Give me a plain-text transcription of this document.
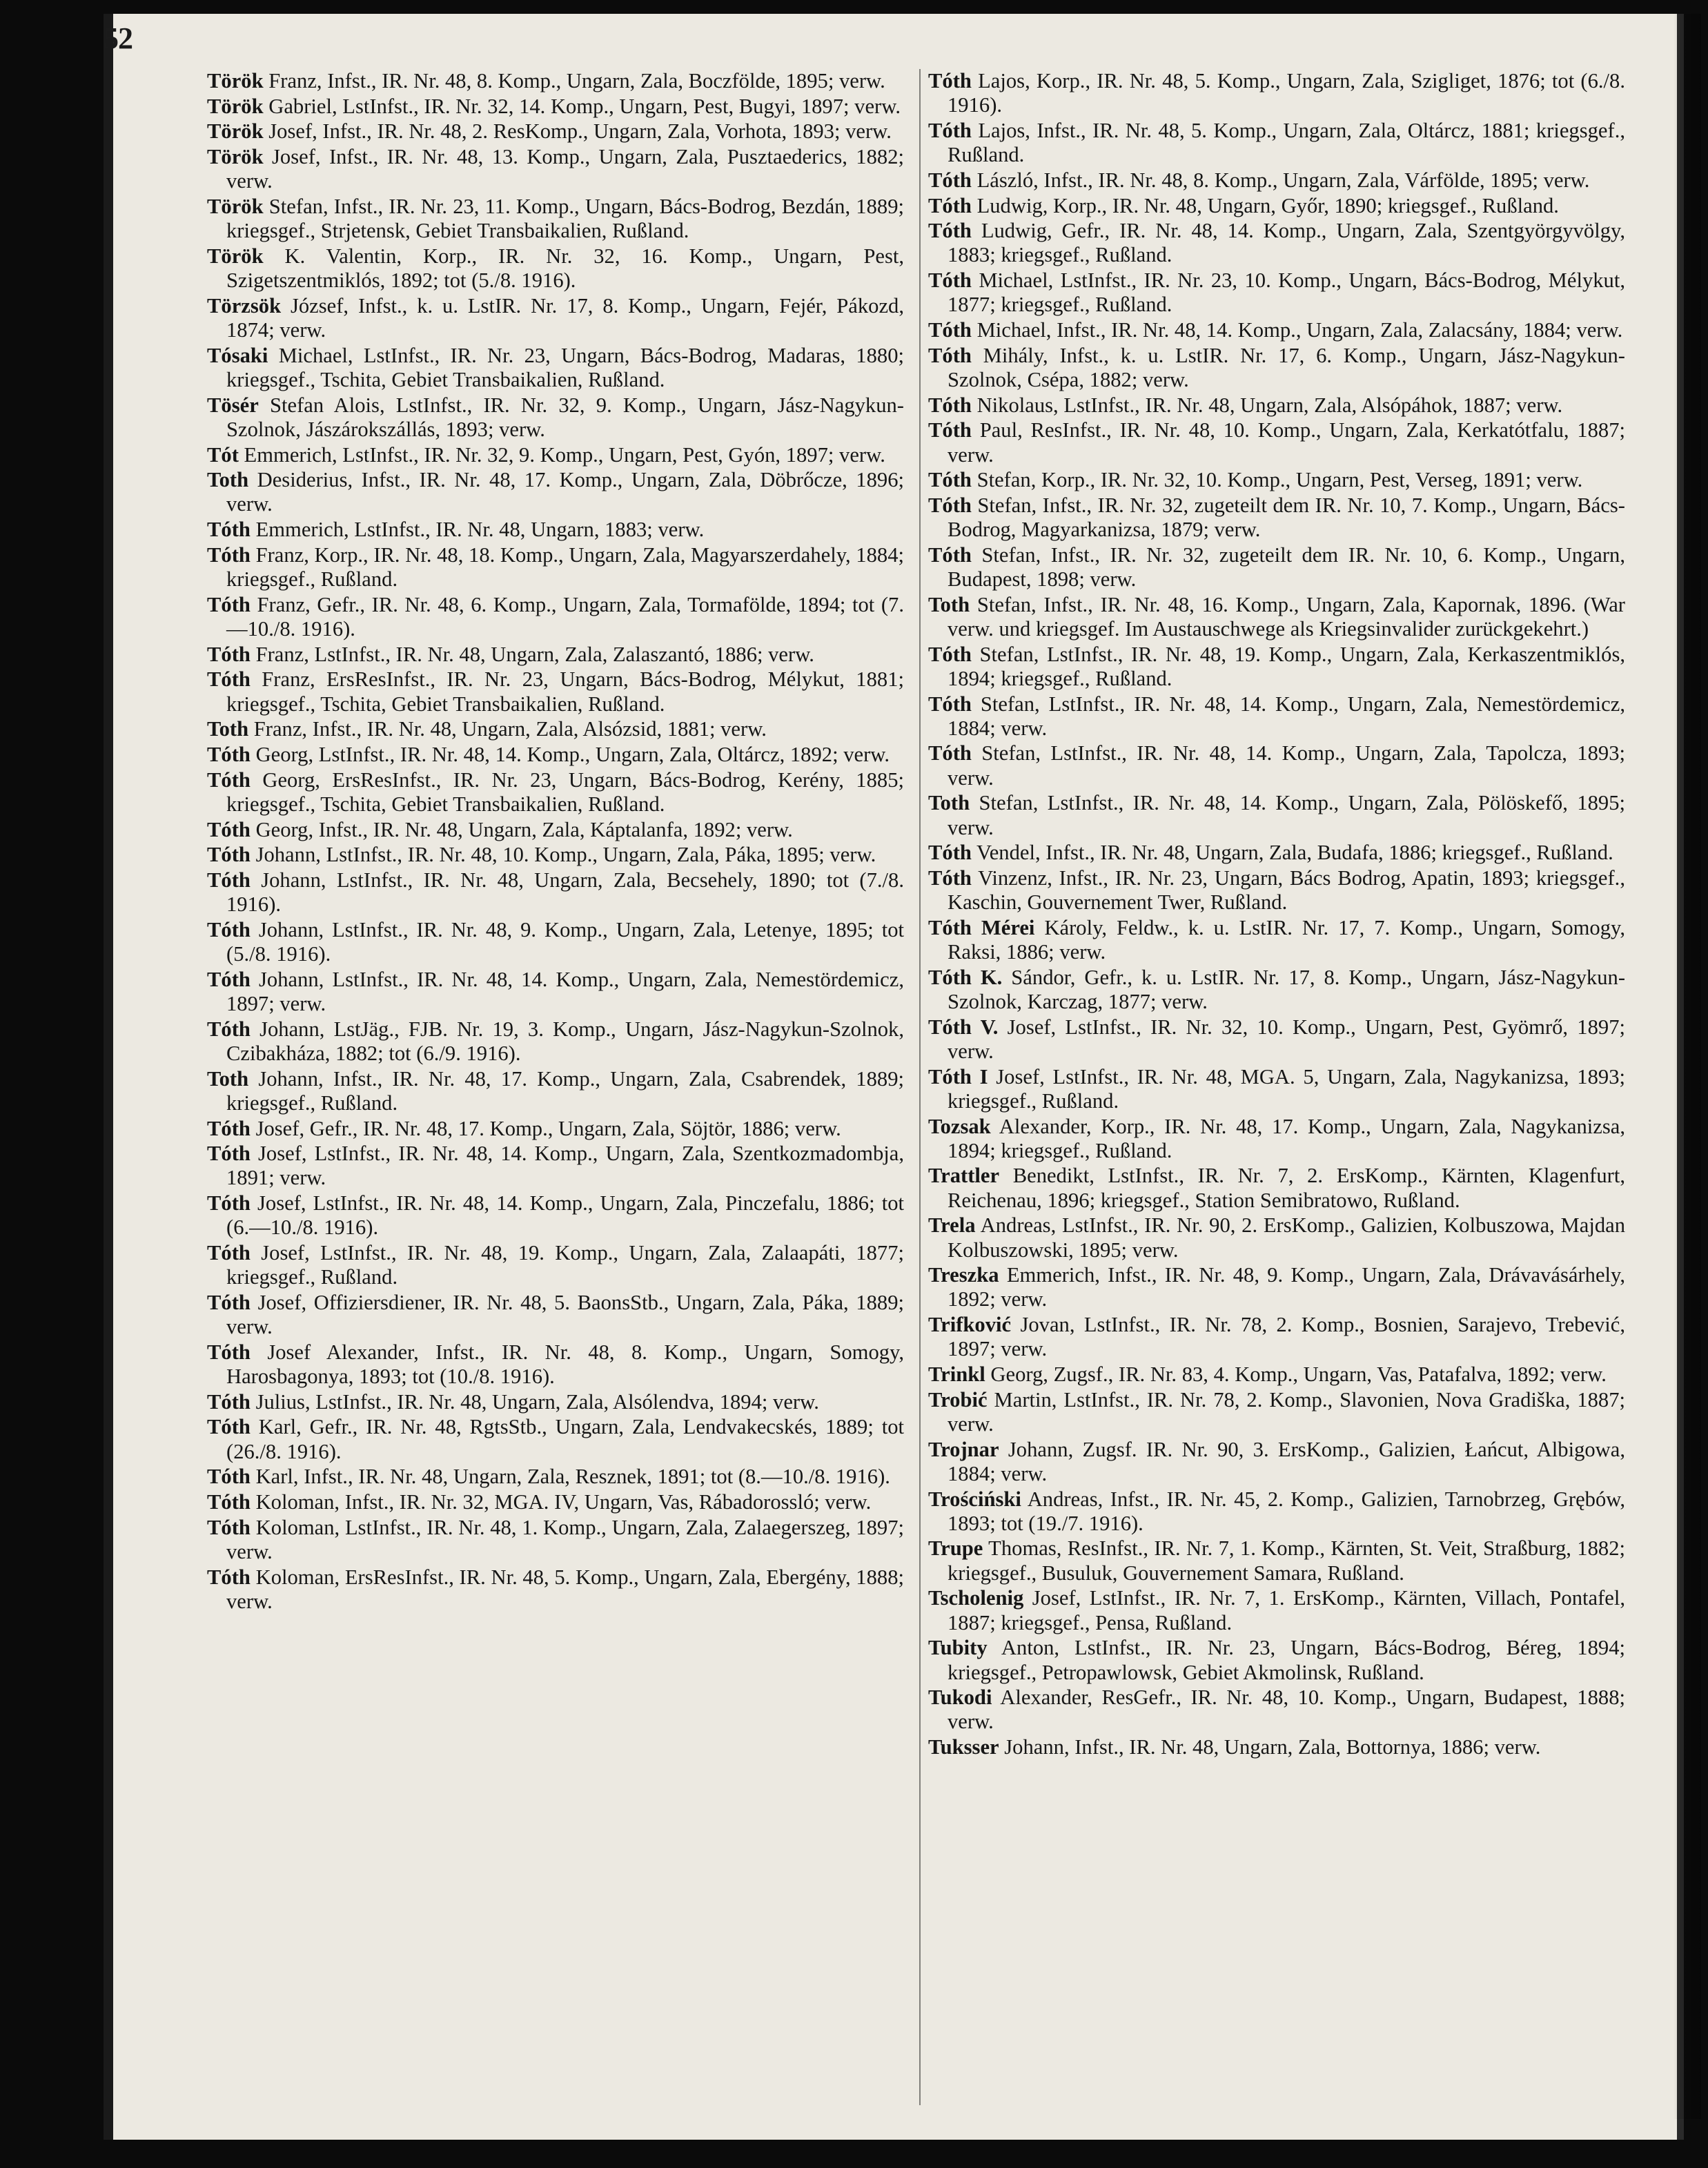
52

Török Franz, Infst., IR. Nr. 48, 8. Komp., Ungarn, Zala, Boczfölde, 1895; verw.

Török Gabriel, LstInfst., IR. Nr. 32, 14. Komp., Ungarn, Pest, Bugyi, 1897; verw.

Török Josef, Infst., IR. Nr. 48, 2. ResKomp., Ungarn, Zala, Vorhota, 1893; verw.

Török Josef, Infst., IR. Nr. 48, 13. Komp., Ungarn, Zala, Pusztaederics, 1882; verw.

Török Stefan, Infst., IR. Nr. 23, 11. Komp., Ungarn, Bács-Bodrog, Bezdán, 1889; kriegsgef., Strjetensk, Gebiet Transbaikalien, Rußland.

Török K. Valentin, Korp., IR. Nr. 32, 16. Komp., Ungarn, Pest, Szigetszentmiklós, 1892; tot (5./8. 1916).

Törzsök József, Infst., k. u. LstIR. Nr. 17, 8. Komp., Ungarn, Fejér, Pákozd, 1874; verw.

Tósaki Michael, LstInfst., IR. Nr. 23, Ungarn, Bács-Bodrog, Madaras, 1880; kriegsgef., Tschita, Gebiet Transbaikalien, Rußland.

Tösér Stefan Alois, LstInfst., IR. Nr. 32, 9. Komp., Ungarn, Jász-Nagykun-Szolnok, Jászárokszállás, 1893; verw.

Tót Emmerich, LstInfst., IR. Nr. 32, 9. Komp., Ungarn, Pest, Gyón, 1897; verw.

Toth Desiderius, Infst., IR. Nr. 48, 17. Komp., Ungarn, Zala, Döbrőcze, 1896; verw.

Tóth Emmerich, LstInfst., IR. Nr. 48, Ungarn, 1883; verw.

Tóth Franz, Korp., IR. Nr. 48, 18. Komp., Ungarn, Zala, Magyarszerdahely, 1884; kriegsgef., Rußland.

Tóth Franz, Gefr., IR. Nr. 48, 6. Komp., Ungarn, Zala, Tormafölde, 1894; tot (7.—10./8. 1916).

Tóth Franz, LstInfst., IR. Nr. 48, Ungarn, Zala, Zalaszantó, 1886; verw.

Tóth Franz, ErsResInfst., IR. Nr. 23, Ungarn, Bács-Bodrog, Mélykut, 1881; kriegsgef., Tschita, Gebiet Transbaikalien, Rußland.

Toth Franz, Infst., IR. Nr. 48, Ungarn, Zala, Alsózsid, 1881; verw.

Tóth Georg, LstInfst., IR. Nr. 48, 14. Komp., Ungarn, Zala, Oltárcz, 1892; verw.

Tóth Georg, ErsResInfst., IR. Nr. 23, Ungarn, Bács-Bodrog, Kerény, 1885; kriegsgef., Tschita, Gebiet Transbaikalien, Rußland.

Tóth Georg, Infst., IR. Nr. 48, Ungarn, Zala, Káptalanfa, 1892; verw.

Tóth Johann, LstInfst., IR. Nr. 48, 10. Komp., Ungarn, Zala, Páka, 1895; verw.

Tóth Johann, LstInfst., IR. Nr. 48, Ungarn, Zala, Becsehely, 1890; tot (7./8. 1916).

Tóth Johann, LstInfst., IR. Nr. 48, 9. Komp., Ungarn, Zala, Letenye, 1895; tot (5./8. 1916).

Tóth Johann, LstInfst., IR. Nr. 48, 14. Komp., Ungarn, Zala, Nemestördemicz, 1897; verw.

Tóth Johann, LstJäg., FJB. Nr. 19, 3. Komp., Ungarn, Jász-Nagykun-Szolnok, Czibakháza, 1882; tot (6./9. 1916).

Toth Johann, Infst., IR. Nr. 48, 17. Komp., Ungarn, Zala, Csabrendek, 1889; kriegsgef., Rußland.

Tóth Josef, Gefr., IR. Nr. 48, 17. Komp., Ungarn, Zala, Söjtör, 1886; verw.

Tóth Josef, LstInfst., IR. Nr. 48, 14. Komp., Ungarn, Zala, Szentkozmadombja, 1891; verw.

Tóth Josef, LstInfst., IR. Nr. 48, 14. Komp., Ungarn, Zala, Pinczefalu, 1886; tot (6.—10./8. 1916).

Tóth Josef, LstInfst., IR. Nr. 48, 19. Komp., Ungarn, Zala, Zalaapáti, 1877; kriegsgef., Rußland.

Tóth Josef, Offiziersdiener, IR. Nr. 48, 5. BaonsStb., Ungarn, Zala, Páka, 1889; verw.

Tóth Josef Alexander, Infst., IR. Nr. 48, 8. Komp., Ungarn, Somogy, Harosbagonya, 1893; tot (10./8. 1916).

Tóth Julius, LstInfst., IR. Nr. 48, Ungarn, Zala, Alsólendva, 1894; verw.

Tóth Karl, Gefr., IR. Nr. 48, RgtsStb., Ungarn, Zala, Lendvakecskés, 1889; tot (26./8. 1916).

Tóth Karl, Infst., IR. Nr. 48, Ungarn, Zala, Resznek, 1891; tot (8.—10./8. 1916).

Tóth Koloman, Infst., IR. Nr. 32, MGA. IV, Ungarn, Vas, Rábadorossló; verw.

Tóth Koloman, LstInfst., IR. Nr. 48, 1. Komp., Ungarn, Zala, Zalaegerszeg, 1897; verw.

Tóth Koloman, ErsResInfst., IR. Nr. 48, 5. Komp., Ungarn, Zala, Ebergény, 1888; verw.

Tóth Lajos, Korp., IR. Nr. 48, 5. Komp., Ungarn, Zala, Szigliget, 1876; tot (6./8. 1916).

Tóth Lajos, Infst., IR. Nr. 48, 5. Komp., Ungarn, Zala, Oltárcz, 1881; kriegsgef., Rußland.

Tóth László, Infst., IR. Nr. 48, 8. Komp., Ungarn, Zala, Várfölde, 1895; verw.

Tóth Ludwig, Korp., IR. Nr. 48, Ungarn, Győr, 1890; kriegsgef., Rußland.

Tóth Ludwig, Gefr., IR. Nr. 48, 14. Komp., Ungarn, Zala, Szentgyörgyvölgy, 1883; kriegsgef., Rußland.

Tóth Michael, LstInfst., IR. Nr. 23, 10. Komp., Ungarn, Bács-Bodrog, Mélykut, 1877; kriegsgef., Rußland.

Tóth Michael, Infst., IR. Nr. 48, 14. Komp., Ungarn, Zala, Zalacsány, 1884; verw.

Tóth Mihály, Infst., k. u. LstIR. Nr. 17, 6. Komp., Ungarn, Jász-Nagykun-Szolnok, Csépa, 1882; verw.

Tóth Nikolaus, LstInfst., IR. Nr. 48, Ungarn, Zala, Alsópáhok, 1887; verw.

Tóth Paul, ResInfst., IR. Nr. 48, 10. Komp., Ungarn, Zala, Kerkatótfalu, 1887; verw.

Tóth Stefan, Korp., IR. Nr. 32, 10. Komp., Ungarn, Pest, Verseg, 1891; verw.

Tóth Stefan, Infst., IR. Nr. 32, zugeteilt dem IR. Nr. 10, 7. Komp., Ungarn, Bács-Bodrog, Magyarkanizsa, 1879; verw.

Tóth Stefan, Infst., IR. Nr. 32, zugeteilt dem IR. Nr. 10, 6. Komp., Ungarn, Budapest, 1898; verw.

Toth Stefan, Infst., IR. Nr. 48, 16. Komp., Ungarn, Zala, Kapornak, 1896. (War verw. und kriegsgef. Im Austauschwege als Kriegsinvalider zurückgekehrt.)

Tóth Stefan, LstInfst., IR. Nr. 48, 19. Komp., Ungarn, Zala, Kerkaszentmiklós, 1894; kriegsgef., Rußland.

Tóth Stefan, LstInfst., IR. Nr. 48, 14. Komp., Ungarn, Zala, Nemestördemicz, 1884; verw.

Tóth Stefan, LstInfst., IR. Nr. 48, 14. Komp., Ungarn, Zala, Tapolcza, 1893; verw.

Toth Stefan, LstInfst., IR. Nr. 48, 14. Komp., Ungarn, Zala, Pölöskefő, 1895; verw.

Tóth Vendel, Infst., IR. Nr. 48, Ungarn, Zala, Budafa, 1886; kriegsgef., Rußland.

Tóth Vinzenz, Infst., IR. Nr. 23, Ungarn, Bács Bodrog, Apatin, 1893; kriegsgef., Kaschin, Gouvernement Twer, Rußland.

Tóth Mérei Károly, Feldw., k. u. LstIR. Nr. 17, 7. Komp., Ungarn, Somogy, Raksi, 1886; verw.

Tóth K. Sándor, Gefr., k. u. LstIR. Nr. 17, 8. Komp., Ungarn, Jász-Nagykun-Szolnok, Karczag, 1877; verw.

Tóth V. Josef, LstInfst., IR. Nr. 32, 10. Komp., Ungarn, Pest, Gyömrő, 1897; verw.

Tóth I Josef, LstInfst., IR. Nr. 48, MGA. 5, Ungarn, Zala, Nagykanizsa, 1893; kriegsgef., Rußland.

Tozsak Alexander, Korp., IR. Nr. 48, 17. Komp., Ungarn, Zala, Nagykanizsa, 1894; kriegsgef., Rußland.

Trattler Benedikt, LstInfst., IR. Nr. 7, 2. ErsKomp., Kärnten, Klagenfurt, Reichenau, 1896; kriegsgef., Station Semibratowo, Rußland.

Trela Andreas, LstInfst., IR. Nr. 90, 2. ErsKomp., Galizien, Kolbuszowa, Majdan Kolbuszowski, 1895; verw.

Treszka Emmerich, Infst., IR. Nr. 48, 9. Komp., Ungarn, Zala, Drávavásárhely, 1892; verw.

Trifković Jovan, LstInfst., IR. Nr. 78, 2. Komp., Bosnien, Sarajevo, Trebević, 1897; verw.

Trinkl Georg, Zugsf., IR. Nr. 83, 4. Komp., Ungarn, Vas, Patafalva, 1892; verw.

Trobić Martin, LstInfst., IR. Nr. 78, 2. Komp., Slavonien, Nova Gradiška, 1887; verw.

Trojnar Johann, Zugsf. IR. Nr. 90, 3. ErsKomp., Galizien, Łańcut, Albigowa, 1884; verw.

Trościński Andreas, Infst., IR. Nr. 45, 2. Komp., Galizien, Tarnobrzeg, Grębów, 1893; tot (19./7. 1916).

Trupe Thomas, ResInfst., IR. Nr. 7, 1. Komp., Kärnten, St. Veit, Straßburg, 1882; kriegsgef., Busuluk, Gouvernement Samara, Rußland.

Tscholenig Josef, LstInfst., IR. Nr. 7, 1. ErsKomp., Kärnten, Villach, Pontafel, 1887; kriegsgef., Pensa, Rußland.

Tubity Anton, LstInfst., IR. Nr. 23, Ungarn, Bács-Bodrog, Béreg, 1894; kriegsgef., Petropawlowsk, Gebiet Akmolinsk, Rußland.

Tukodi Alexander, ResGefr., IR. Nr. 48, 10. Komp., Ungarn, Budapest, 1888; verw.

Tuksser Johann, Infst., IR. Nr. 48, Ungarn, Zala, Bottornya, 1886; verw.
